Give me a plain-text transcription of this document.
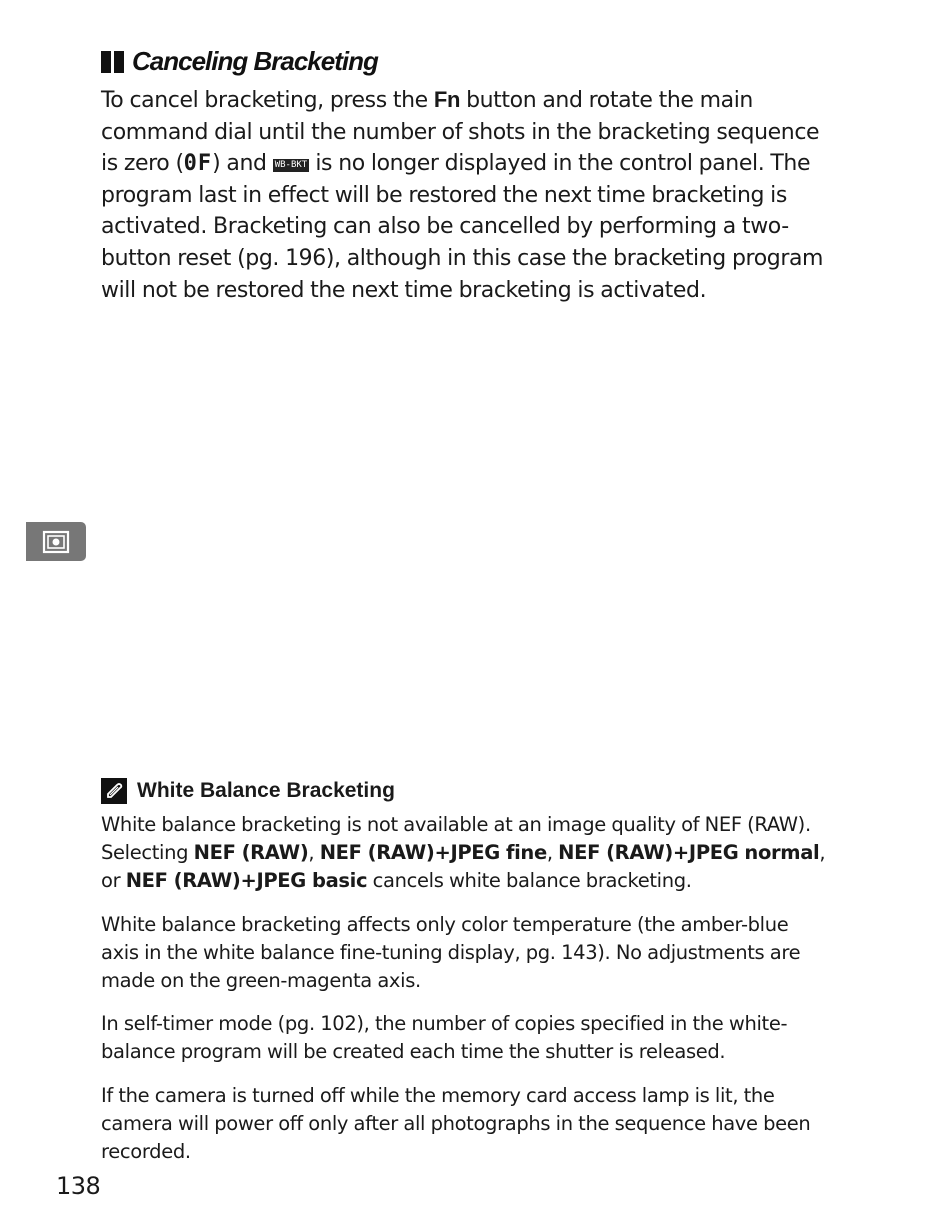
Canceling Bracketing

To cancel bracketing, press the Fn button and rotate the main command dial until the number of shots in the bracketing sequence is zero (0F) and WB-BKT is no longer displayed in the control panel. The program last in effect will be restored the next time bracketing is activated. Bracketing can also be cancelled by performing a two-button reset (pg. 196), although in this case the bracketing program will not be restored the next time bracketing is activated.

White Balance Bracketing

White balance bracketing is not available at an image quality of NEF (RAW). Selecting NEF (RAW), NEF (RAW)+JPEG fine, NEF (RAW)+JPEG normal, or NEF (RAW)+JPEG basic cancels white balance bracketing.

White balance bracketing affects only color temperature (the amber-blue axis in the white balance fine-tuning display, pg. 143). No adjustments are made on the green-magenta axis.

In self-timer mode (pg. 102), the number of copies specified in the white-balance program will be created each time the shutter is released.

If the camera is turned off while the memory card access lamp is lit, the camera will power off only after all photographs in the sequence have been recorded.

138
